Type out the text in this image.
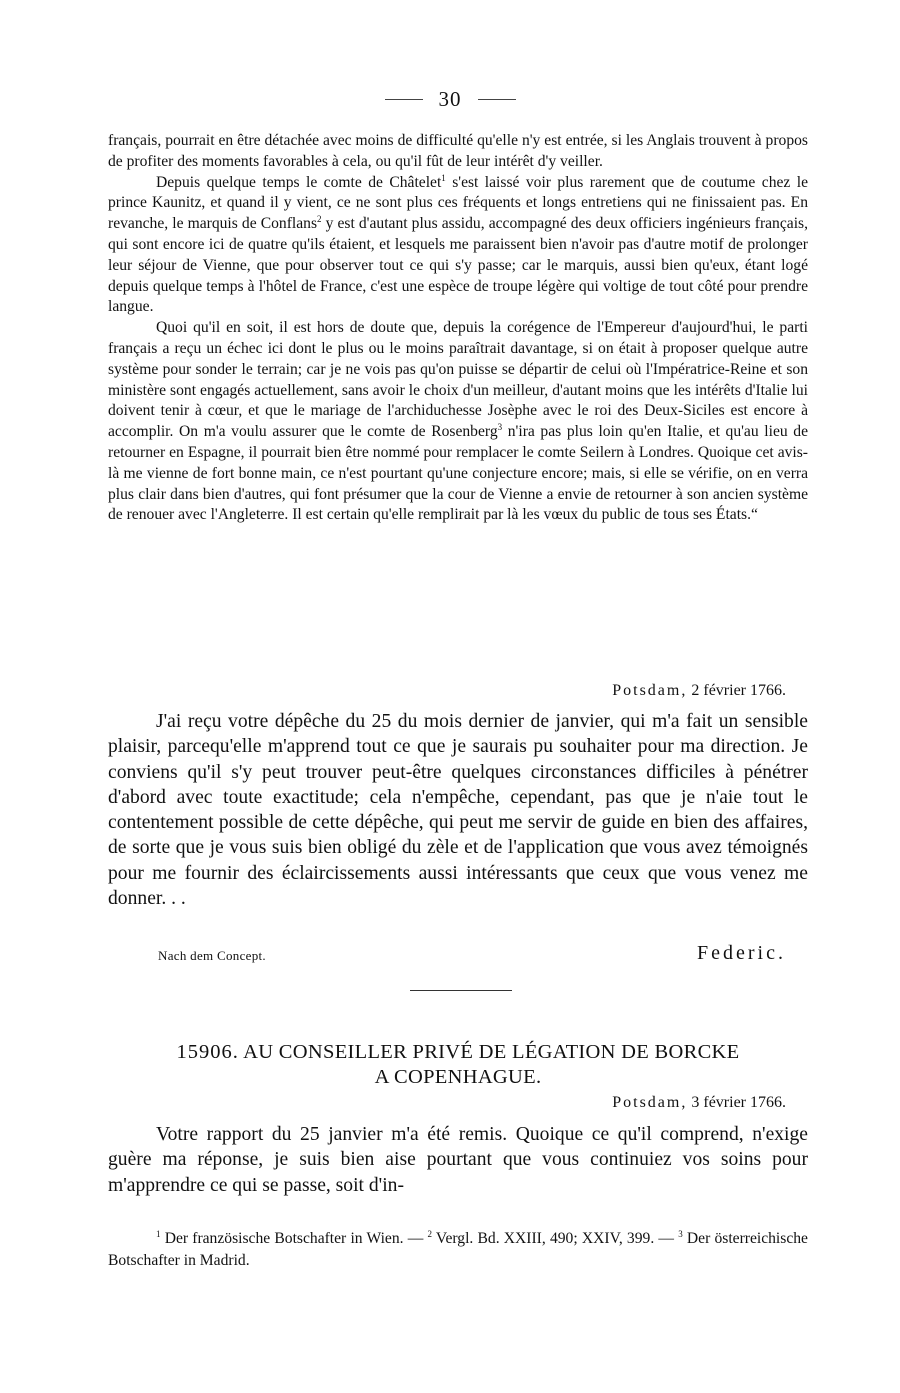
30

français, pourrait en être détachée avec moins de difficulté qu'elle n'y est entrée, si les Anglais trouvent à propos de profiter des moments favorables à cela, ou qu'il fût de leur intérêt d'y veiller.

Depuis quelque temps le comte de Châtelet$^1$ s'est laissé voir plus rarement que de coutume chez le prince Kaunitz, et quand il y vient, ce ne sont plus ces fréquents et longs entretiens qui ne finissaient pas. En revanche, le marquis de Conflans$^2$ y est d'autant plus assidu, accompagné des deux officiers ingénieurs français, qui sont encore ici de quatre qu'ils étaient, et lesquels me paraissent bien n'avoir pas d'autre motif de prolonger leur séjour de Vienne, que pour observer tout ce qui s'y passe; car le marquis, aussi bien qu'eux, étant logé depuis quelque temps à l'hôtel de France, c'est une espèce de troupe légère qui voltige de tout côté pour prendre langue.

Quoi qu'il en soit, il est hors de doute que, depuis la corégence de l'Empereur d'aujourd'hui, le parti français a reçu un échec ici dont le plus ou le moins paraîtrait davantage, si on était à proposer quelque autre système pour sonder le terrain; car je ne vois pas qu'on puisse se départir de celui où l'Impératrice-Reine et son ministère sont engagés actuellement, sans avoir le choix d'un meilleur, d'autant moins que les intérêts d'Italie lui doivent tenir à cœur, et que le mariage de l'archiduchesse Josèphe avec le roi des Deux-Siciles est encore à accomplir. On m'a voulu assurer que le comte de Rosenberg$^3$ n'ira pas plus loin qu'en Italie, et qu'au lieu de retourner en Espagne, il pourrait bien être nommé pour remplacer le comte Seilern à Londres. Quoique cet avis-là me vienne de fort bonne main, ce n'est pourtant qu'une conjecture encore; mais, si elle se vérifie, on en verra plus clair dans bien d'autres, qui font présumer que la cour de Vienne a envie de retourner à son ancien système de renouer avec l'Angleterre. Il est certain qu'elle remplirait par là les vœux du public de tous ses États.“

Potsdam, 2 février 1766.

J'ai reçu votre dépêche du 25 du mois dernier de janvier, qui m'a fait un sensible plaisir, parcequ'elle m'apprend tout ce que je saurais pu souhaiter pour ma direction. Je conviens qu'il s'y peut trouver peut-être quelques circonstances difficiles à pénétrer d'abord avec toute exactitude; cela n'empêche, cependant, pas que je n'aie tout le contentement possible de cette dépêche, qui peut me servir de guide en bien des affaires, de sorte que je vous suis bien obligé du zèle et de l'application que vous avez témoignés pour me fournir des éclaircissements aussi intéressants que ceux que vous venez me donner. . .

Nach dem Concept.	Federic.
15906. AU CONSEILLER PRIVÉ DE LÉGATION DE BORCKE
A COPENHAGUE.
Potsdam, 3 février 1766.

Votre rapport du 25 janvier m'a été remis. Quoique ce qu'il comprend, n'exige guère ma réponse, je suis bien aise pourtant que vous continuiez vos soins pour m'apprendre ce qui se passe, soit d'in-

$^1$ Der französische Botschafter in Wien. — $^2$ Vergl. Bd. XXIII, 490; XXIV, 399. — $^3$ Der österreichische Botschafter in Madrid.
